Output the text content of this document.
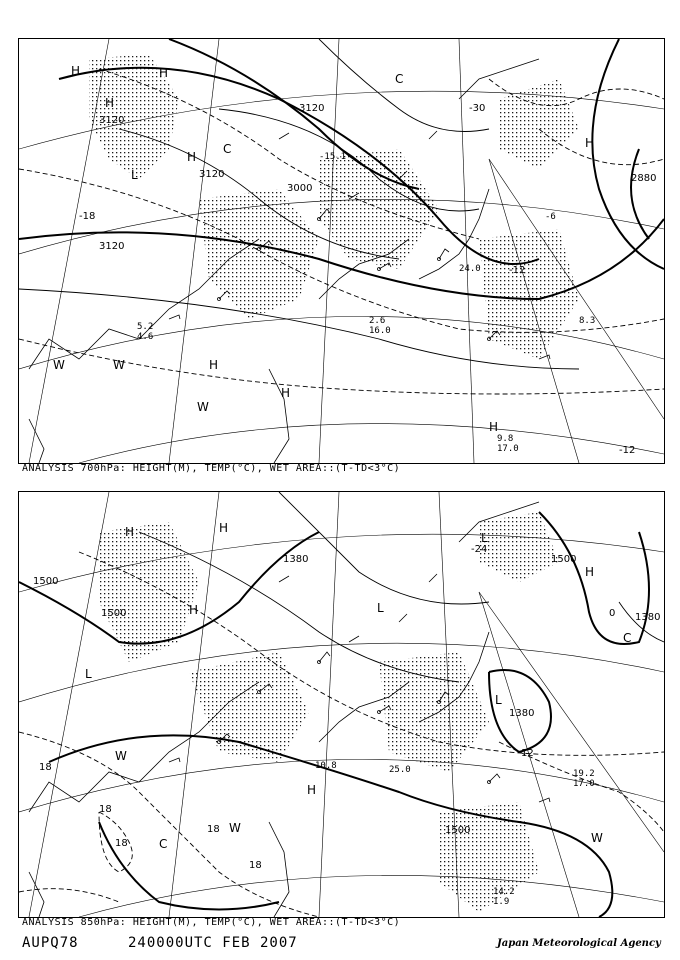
3120
3120
3120
3000
2880
3120
H
H
H
L
C
C
H
H
H
W	W
W
H
H
-30
-18
-12
-12
-15.1
-6
9.8
17.0
2.6
16.0
24.0
8.3
5.2
4.6
ANALYSIS 700hPa: HEIGHT(M), TEMP(°C), WET AREA::(T-TD<3°C)
1500
1500
1380	1500
1380
1380
1500
H
H
L
L
L
H
W
W
C
H
C
W
L
H
18
18
18
18
18
-24
12
0
19.2
17.0
14.2
1.9
10.8	25.0
ANALYSIS 850hPa: HEIGHT(M), TEMP(°C), WET AREA::(T-TD<3°C)
AUPQ78	240000UTC FEB 2007	Japan Meteorological Agency
